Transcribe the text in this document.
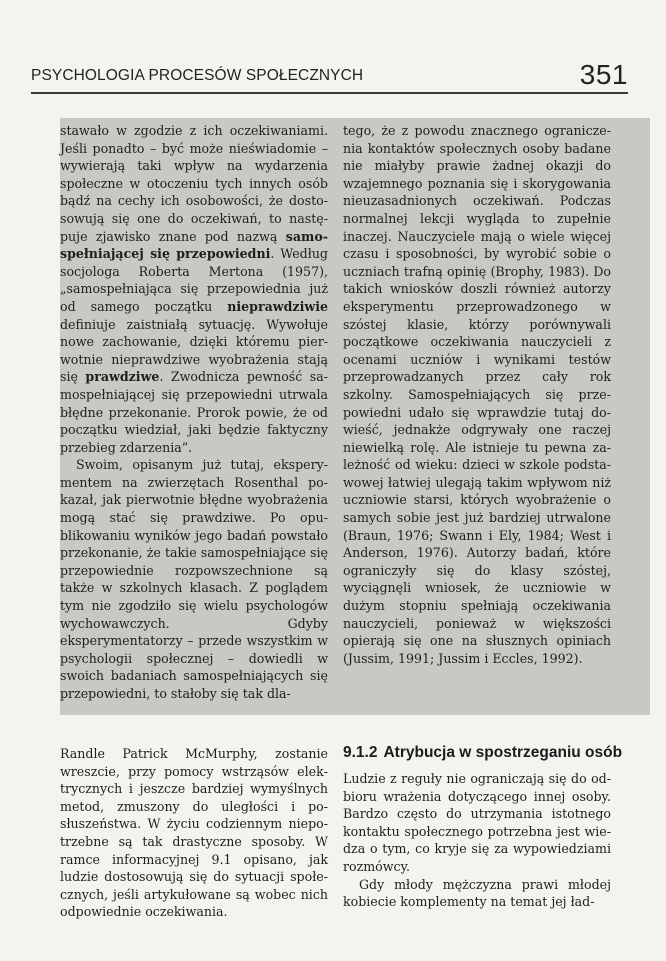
PSYCHOLOGIA PROCESÓW SPOŁECZNYCH	351

stawało w zgodzie z ich oczekiwaniami. Jeśli ponadto – być może nieświadomie – wywierają taki wpływ na wydarzenia społeczne w otoczeniu tych innych osób bądź na cechy ich osobowości, że dostosowują się one do oczekiwań, to następuje zjawisko znane pod nazwą samospełniającej się przepowiedni. Według socjologa Roberta Mertona (1957), „samospełniająca się przepowiednia już od samego początku nieprawdziwie definiuje zaistniałą sytuację. Wywołuje nowe zachowanie, dzięki któremu pierwotnie nieprawdziwe wyobrażenia stają się prawdziwe. Zwodnicza pewność samospełniającej się przepowiedni utrwala błędne przekonanie. Prorok powie, że od początku wiedział, jaki będzie faktyczny przebieg zdarzenia”.

Swoim, opisanym już tutaj, eksperymentem na zwierzętach Rosenthal pokazał, jak pierwotnie błędne wyobrażenia mogą stać się prawdziwe. Po opublikowaniu wyników jego badań powstało przekonanie, że takie samospełniające się przepowiednie rozpowszechnione są także w szkolnych klasach. Z poglądem tym nie zgodziło się wielu psychologów wychowawczych. Gdyby eksperymentatorzy – przede wszystkim w psychologii społecznej – dowiedli w swoich badaniach samospełniających się przepowiedni, to stałoby się tak dla-

tego, że z powodu znacznego ograniczenia kontaktów społecznych osoby badane nie miałyby prawie żadnej okazji do wzajemnego poznania się i skorygowania nieuzasadnionych oczekiwań. Podczas normalnej lekcji wygląda to zupełnie inaczej. Nauczyciele mają o wiele więcej czasu i sposobności, by wyrobić sobie o uczniach trafną opinię (Brophy, 1983). Do takich wniosków doszli również autorzy eksperymentu przeprowadzonego w szóstej klasie, którzy porównywali początkowe oczekiwania nauczycieli z ocenami uczniów i wynikami testów przeprowadzanych przez cały rok szkolny. Samospełniających się przepowiedni udało się wprawdzie tutaj dowieść, jednakże odgrywały one raczej niewielką rolę. Ale istnieje tu pewna zależność od wieku: dzieci w szkole podstawowej łatwiej ulegają takim wpływom niż uczniowie starsi, których wyobrażenie o samych sobie jest już bardziej utrwalone (Braun, 1976; Swann i Ely, 1984; West i Anderson, 1976). Autorzy badań, które ograniczyły się do klasy szóstej, wyciągnęli wniosek, że uczniowie w dużym stopniu spełniają oczekiwania nauczycieli, ponieważ w większości opierają się one na słusznych opiniach (Jussim, 1991; Jussim i Eccles, 1992).

Randle Patrick McMurphy, zostanie wreszcie, przy pomocy wstrząsów elektrycznych i jeszcze bardziej wymyślnych metod, zmuszony do uległości i posłuszeństwa. W życiu codziennym niepotrzebne są tak drastyczne sposoby. W ramce informacyjnej 9.1 opisano, jak ludzie dostosowują się do sytuacji społecznych, jeśli artykułowane są wobec nich odpowiednie oczekiwania.

9.1.2 Atrybucja w spostrzeganiu osób

Ludzie z reguły nie ograniczają się do odbioru wrażenia dotyczącego innej osoby. Bardzo często do utrzymania istotnego kontaktu społecznego potrzebna jest wiedza o tym, co kryje się za wypowiedziami rozmówcy.

Gdy młody mężczyzna prawi młodej kobiecie komplementy na temat jej ład-
